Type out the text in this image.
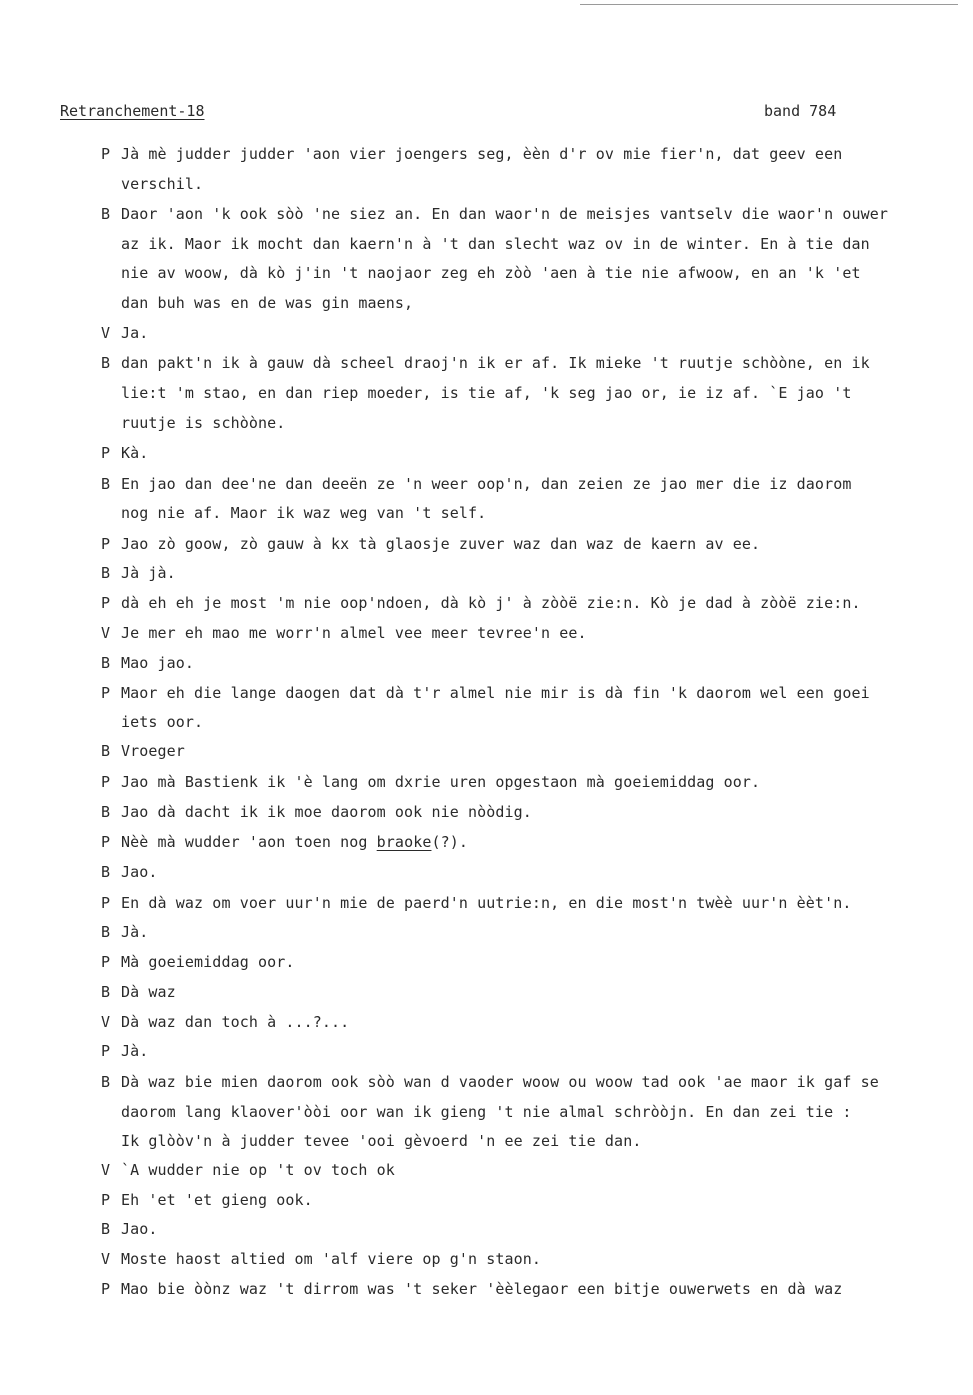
Retranchement-18	band 784
P Jà mè judder judder 'aon vier joengers seg, èèn d'r ov mie fier'n, dat geev een
verschil.
B Daor 'aon 'k ook sòò 'ne siez an. En dan waor'n de meisjes vantselv die waor'n ouwer
az ik. Maor ik mocht dan kaern'n à 't dan slecht waz ov in de winter. En à tie dan
nie av woow, dà kò j'in 't naojaor zeg eh zòò 'aen à tie nie afwoow, en an 'k 'et
dan buh was en de was gin maens,
V Ja.
B dan pakt'n ik à gauw dà scheel draoj'n ik er af. Ik mieke 't ruutje schòòne, en ik
lie:t 'm stao, en dan riep moeder, is tie af, 'k seg jao or, ie iz af. `E jao 't
ruutje is schòòne.
P Kà.
B En jao dan dee'ne dan deeën ze 'n weer oop'n, dan zeien ze jao mer die iz daorom
nog nie af. Maor ik waz weg van 't self.
P Jao zò goow, zò gauw à kx tà glaosje zuver waz dan waz de kaern av ee.
B Jà jà.
P dà eh eh je most 'm nie oop'ndoen, dà kò j' à zòòë zie:n. Kò je dad à zòòë zie:n.
V Je mer eh mao me worr'n almel vee meer tevree'n ee.
B Mao jao.
P Maor eh die lange daogen dat dà t'r almel nie mir is dà fin 'k daorom wel een goei
iets oor.
B Vroeger
P Jao mà Bastienk ik 'è lang om dxrie uren opgestaon mà goeiemiddag oor.
B Jao dà dacht ik ik moe daorom ook nie nòòdig.
P Nèè mà wudder 'aon toen nog braoke(?).
B Jao.
P En dà waz om voer uur'n mie de paerd'n uutrie:n, en die most'n twèè uur'n èèt'n.
B Jà.
P Mà goeiemiddag oor.
B Dà waz
V Dà waz dan toch à ...?...
P Jà.
B Dà waz bie mien daorom ook sòò wan d vaoder woow ou woow tad ook 'ae maor ik gaf se
daorom lang klaover'òòi oor wan ik gieng 't nie almal schròòjn. En dan zei tie :
Ik glòòv'n à judder tevee 'ooi gèvoerd 'n ee zei tie dan.
V `A wudder nie op 't ov toch ok
P Eh 'et 'et gieng ook.
B Jao.
V Moste haost altied om 'alf viere op g'n staon.
P Mao bie òònz waz 't dirrom was 't seker 'èèlegaor een bitje ouwerwets en dà waz
